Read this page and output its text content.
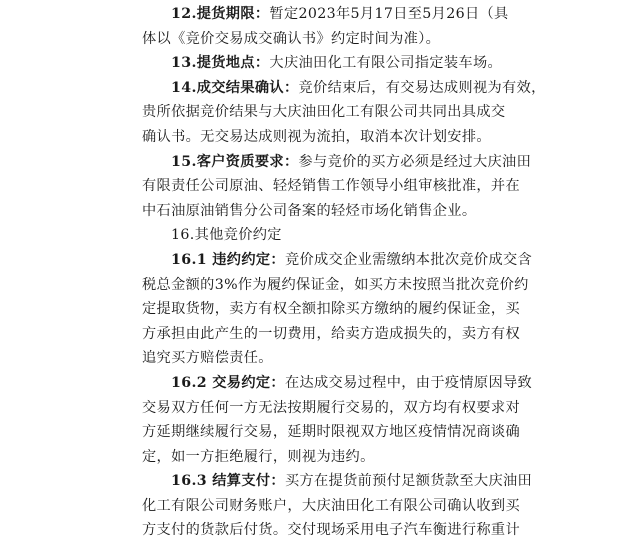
12.提货期限：暂定2023年5月17日至5月26日（具
体以《竞价交易成交确认书》约定时间为准）。
13.提货地点：大庆油田化工有限公司指定装车场。
14.成交结果确认：竞价结束后，有交易达成则视为有效，
贵所依据竞价结果与大庆油田化工有限公司共同出具成交
确认书。无交易达成则视为流拍，取消本次计划安排。
15.客户资质要求：参与竞价的买方必须是经过大庆油田
有限责任公司原油、轻烃销售工作领导小组审核批准，并在
中石油原油销售分公司备案的轻烃市场化销售企业。
16.其他竞价约定
16.1 违约约定：竞价成交企业需缴纳本批次竞价成交含
税总金额的3%作为履约保证金，如买方未按照当批次竞价约
定提取货物，卖方有权全额扣除买方缴纳的履约保证金，买
方承担由此产生的一切费用，给卖方造成损失的，卖方有权
追究买方赔偿责任。
16.2 交易约定：在达成交易过程中，由于疫情原因导致
交易双方任何一方无法按期履行交易的，双方均有权要求对
方延期继续履行交易，延期时限视双方地区疫情情况商谈确
定，如一方拒绝履行，则视为违约。
16.3 结算支付：买方在提货前预付足额货款至大庆油田
化工有限公司财务账户，大庆油田化工有限公司确认收到买
方支付的货款后付货。交付现场采用电子汽车衡进行称重计
